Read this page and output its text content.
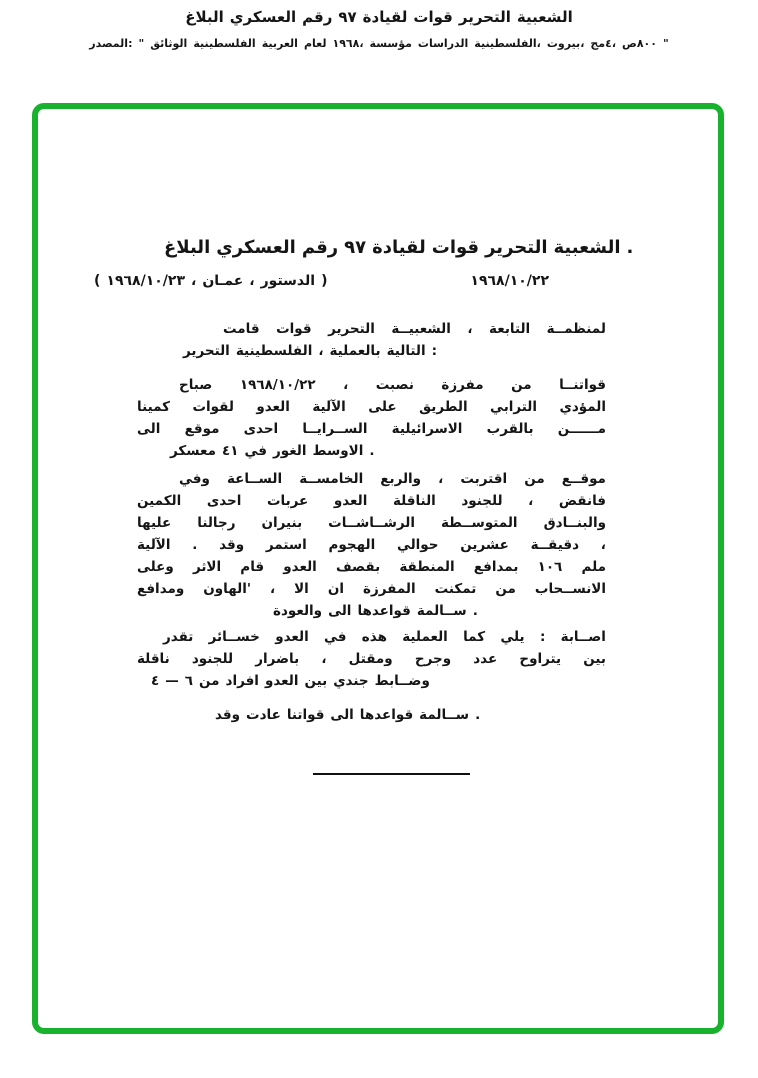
البلاغ العسكري رقم ٩٧ لقيادة قوات التحرير الشعبية
المصدر: " الوثائق الفلسطينية العربية لعام ١٩٦٨، مؤسسة الدراسات الفلسطينية، بيروت، مج٤، ص٨٠٠ "
البلاغ العسكري رقم ٩٧ لقيادة قوات التحرير الشعبية .
( ١٩٦٨/١٠/٢٣ ، عمـان ، الدستور )	١٩٦٨/١٠/٢٢
قامت قوات التحرير الشعبيــة ، التابعة لمنظمــة
التحرير الفلسطينية ، بالعملية التالية :
صباح ١٩٦٨/١٠/٢٢ ، نصبت مفرزة من قواتنــا
كمينا لقوات العدو الآلية على الطريق الترابي المؤدي
الى موقع احدى الســرايــا الاسرائيلية بالقرب مــــــن
معسكر ٤١ في الغور الاوسط .
وفي الســاعة الخامســة والربع ، اقتربت من موقــع
الكمين احدى عربات العدو الناقلة للجنود ، فانقض
عليها رجالنا بنيران الرشــاشــات المتوســطة والبنــادق
الآلية . وقد استمر الهجوم حوالي عشرين دقيقــة ،
وعلى الاثر قام العدو بقصف المنطقة بمدافع ١٠٦ ملم
ومدافع الهاون' ، الا ان المفرزة تمكنت من الانســحاب
والعودة الى قواعدها ســالمة .
تقدر خســائر العدو في هذه العملية كما يلي : اصــابة
ناقلة للجنود باضرار ، ومقتل وجرح عدد يتراوح بين
٤ — ٦ من افراد العدو بين جندي وضــابط
وقد عادت قواتنا الى قواعدها ســالمة .
